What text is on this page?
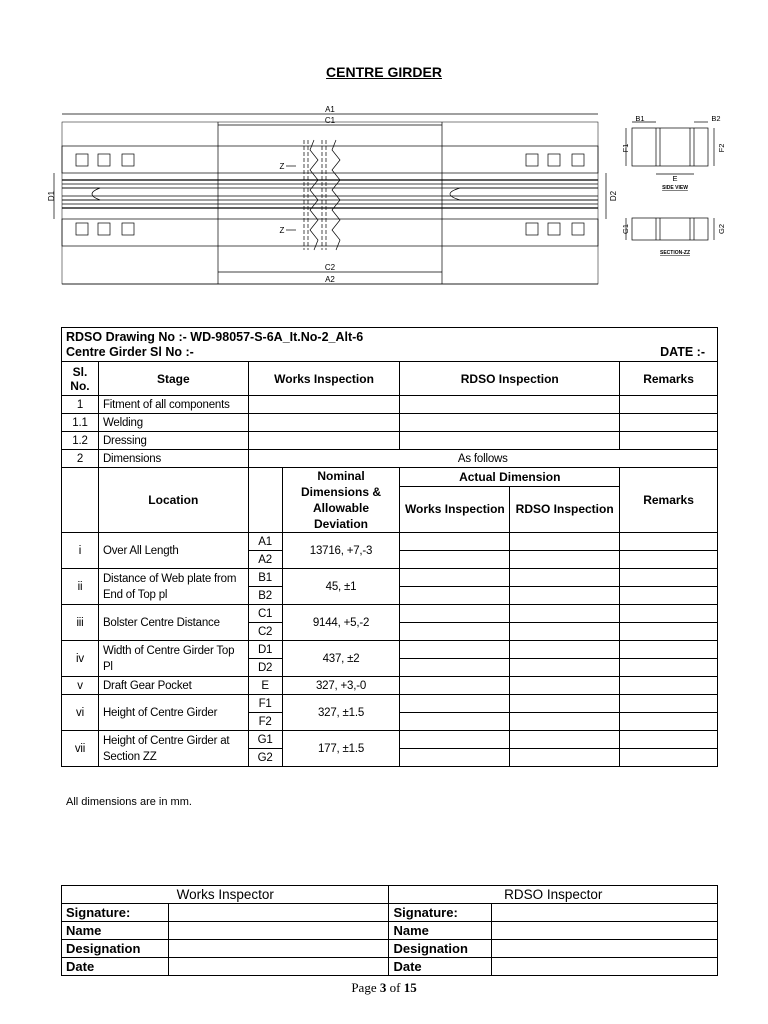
CENTRE GIRDER
A1
C1
C2
A2
D1	D2
Z
Z
B1	B2
E
F1	F2
G1	G2
SIDE VIEW
SECTION-ZZ
RDSO Drawing No :- WD-98057-S-6A_It.No-2_Alt-6
Centre Girder Sl No :- DATE :-						

Sl. No.	Stage	Works Inspection		RDSO Inspection		Remarks
1	Fitment of all components					
1.1	Welding					
1.2	Dressing					
2	Dimensions	As follows				
	Location		Nominal Dimensions & Allowable Deviation	Actual Dimension		Remarks
				Works Inspection	RDSO Inspection	
i	Over All Length	A1	13716, +7,-3			
		A2				
ii	Distance of Web plate from End of Top pl	B1	45, ±1			
		B2				
iii	Bolster Centre Distance	C1	9144, +5,-2			
		C2				
iv	Width of Centre Girder Top Pl	D1	437, ±2			
		D2				
v	Draft Gear Pocket	E	327, +3,-0			
vi	Height of Centre Girder	F1	327, ±1.5			
		F2				
vii	Height of Centre Girder at Section ZZ	G1	177, ±1.5			
		G2				
All dimensions are in mm.
Works Inspector		RDSO Inspector	
Signature:		Signature:	
Name		Name	
Designation		Designation	
Date		Date	
Page 3 of 15
